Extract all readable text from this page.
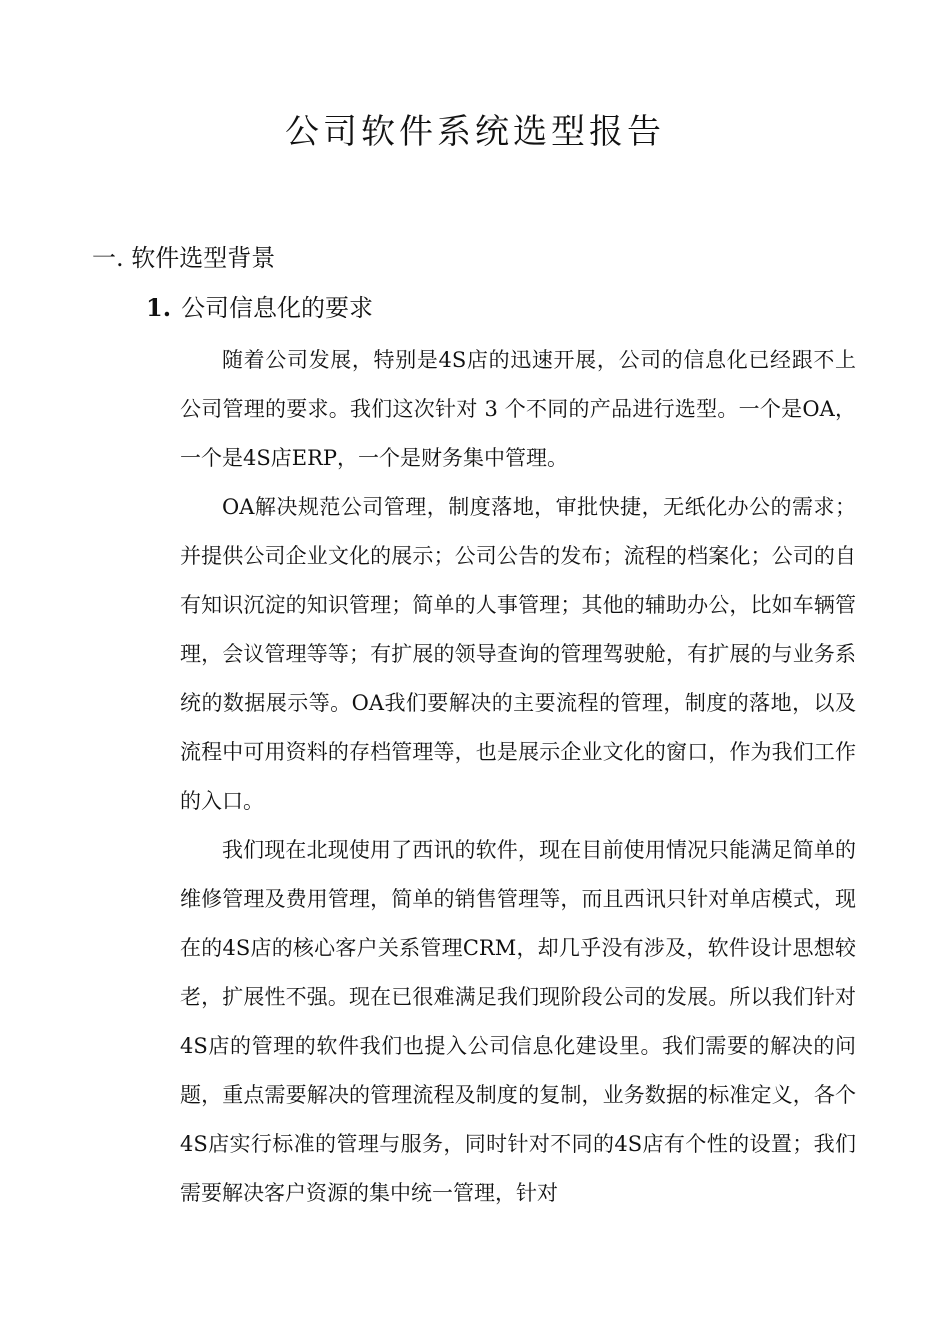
公司软件系统选型报告
一. 软件选型背景
1. 公司信息化的要求

随着公司发展，特别是4S店的迅速开展，公司的信息化已经跟不上公司管理的要求。我们这次针对 3 个不同的产品进行选型。一个是OA，一个是4S店ERP，一个是财务集中管理。

OA解决规范公司管理，制度落地，审批快捷，无纸化办公的需求；并提供公司企业文化的展示；公司公告的发布；流程的档案化；公司的自有知识沉淀的知识管理；简单的人事管理；其他的辅助办公，比如车辆管理，会议管理等等；有扩展的领导查询的管理驾驶舱，有扩展的与业务系统的数据展示等。OA我们要解决的主要流程的管理，制度的落地，以及流程中可用资料的存档管理等，也是展示企业文化的窗口，作为我们工作的入口。

我们现在北现使用了西讯的软件，现在目前使用情况只能满足简单的维修管理及费用管理，简单的销售管理等，而且西讯只针对单店模式，现在的4S店的核心客户关系管理CRM，却几乎没有涉及，软件设计思想较老，扩展性不强。现在已很难满足我们现阶段公司的发展。所以我们针对4S店的管理的软件我们也提入公司信息化建设里。我们需要的解决的问题，重点需要解决的管理流程及制度的复制，业务数据的标准定义，各个4S店实行标准的管理与服务，同时针对不同的4S店有个性的设置；我们需要解决客户资源的集中统一管理，针对
